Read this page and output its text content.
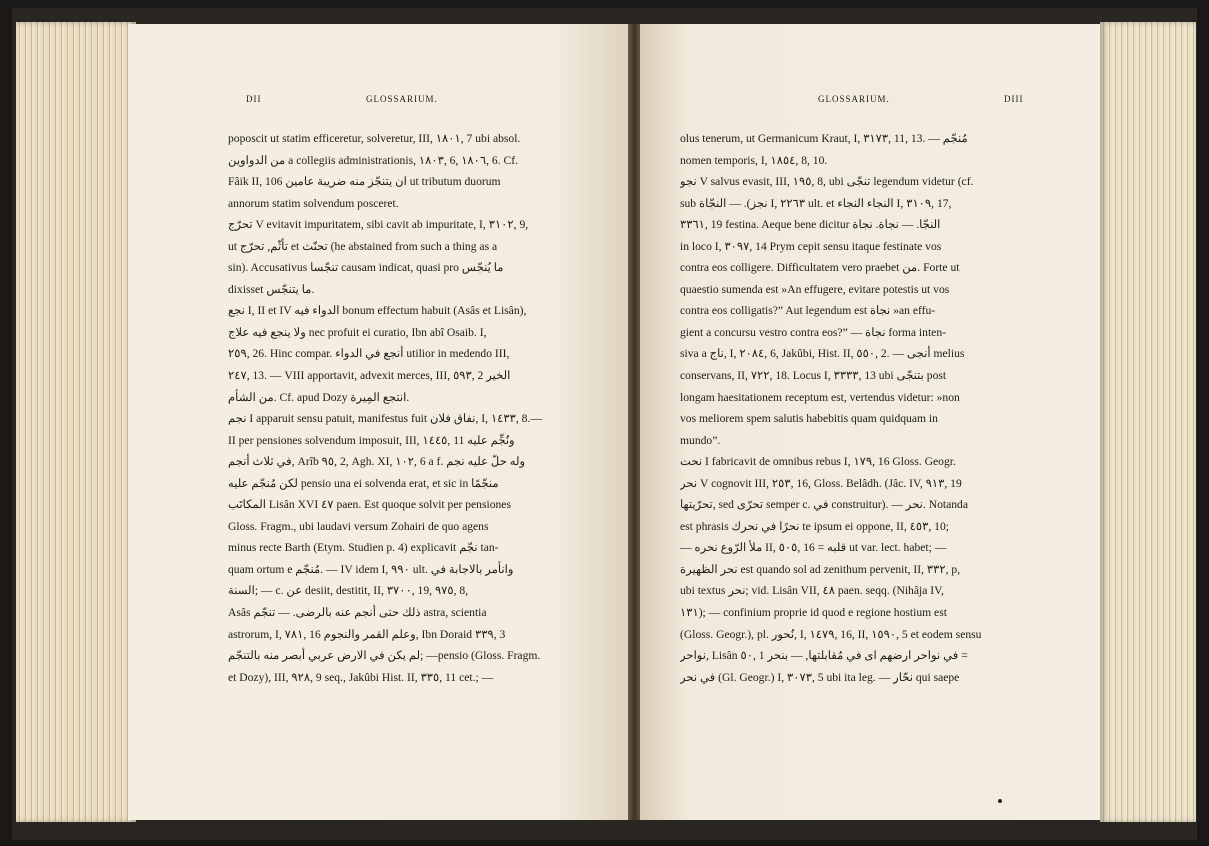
DII	GLOSSARIUM.
poposcit ut statim efficeretur, solveretur, III, ١٨٠١, 7 ubi absol.
من الدواوين a collegiis administrationis, ١٨٠٣, 6, ١٨٠٦, 6. Cf.
Fâik II, 106 ان يتنجّز منه ضريبة عامين ut tributum duorum
annorum statim solvendum posceret.
تحرّج V evitavit impuritatem, sibi cavit ab impuritate, I, ٣١٠٢, 9,
ut تأثّم, تحرّج et تحنّث (he abstained from such a thing as a
sin). Accusativus تنجّسا causam indicat, quasi pro ما يُنجّس
dixisset ما يتنجّس.
نجع I, II et IV الدواء فيه bonum effectum habuit (Asâs et Lisân),
ولا ينجع فيه علاج nec profuit ei curatio, Ibn abî Osaib. I,
٢٥٩, 26. Hinc compar. أنجع في الدواء utilior in medendo III,
٢٤٧, 13. — VIII apportavit, advexit merces, III, ٥٩٣, 2 الخير
من الشأم. Cf. apud Dozy انتجع المِيرة.
نجم I apparuit sensu patuit, manifestus fuit نفاق فلان, I, ١٤٣٣, 8.—
II per pensiones solvendum imposuit, III, ١٤٤٥, 11 ونُجِّم عليه
في ثلاث أنجم, Arîb ٩٥, 2, Agh. XI, ١٠٢, 6 a f. وله حلّ عليه نجم
لكن مُنجّم عليه pensio una ei solvenda erat, et sic in منجّمًا
المكاتَب Lisân XVI ٤٧ paen. Est quoque solvit per pensiones
Gloss. Fragm., ubi laudavi versum Zohairi de quo agens
minus recte Barth (Etym. Studien p. 4) explicavit نجّم tan-
quam ortum e مُنجّم. — IV idem I, ٩٩٠ ult. وانأمر بالاجابة في
السنة; — c. عن desiit, destitit, II, ٣٧٠٠, 19, ٩٧٥, 8,
Asâs ذلك حتى أنجم عنه بالرضى. — تنجّم astra, scientia
astrorum, I, ٧٨١, 16 وعلم القمر والنجوم, Ibn Doraid ٣٣٩, 3
لم يكن في الارض عربي أبصر منه بالتنجّم; —pensio (Gloss. Fragm.
et Dozy), III, ٩٢٨, 9 seq., Jakûbi Hist. II, ٣٣٥, 11 cet.; —
GLOSSARIUM.	DIII
olus tenerum, ut Germanicum Kraut, I, ٣١٧٣, 11, 13. — مُنجّم
nomen temporis, I, ١٨٥٤, 8, 10.
نجو V salvus evasit, III, ١٩٥, 8, ubi تنجّى legendum videtur (cf.
sub نجز). — النجّاة I, ٢٢٦٣ ult. et النجاء النجاء I, ٣١٠٩, 17,
٣٣٦١, 19 festina. Aeque bene dicitur النجّا. — نجاة. نجاة
in loco I, ٣٠٩٧, 14 Prym cepit sensu itaque festinate vos
contra eos colligere. Difficultatem vero praebet من. Forte ut
quaestio sumenda est »An effugere, evitare potestis ut vos
contra eos colligatis?” Aut legendum est نجاة »an effu-
gient a concursu vestro contra eos?” — نجاة forma inten-
siva a ناج, I, ٢٠٨٤, 6, Jakûbi, Hist. II, ٥٥٠, 2. — أنجى melius
conservans, II, ٧٢٢, 18. Locus I, ٣٣٣٣, 13 ubi بتنجّى post
longam haesitationem receptum est, vertendus videtur: »non
vos meliorem spem salutis habebitis quam quidquam in
mundo”.
نحت I fabricavit de omnibus rebus I, ١٧٩, 16 Gloss. Geogr.
نحر V cognovit III, ٢٥٣, 16, Gloss. Belâdh. (Jâc. IV, ٩١٣, 19
تحرّيتها, sed تحرّى semper c. في construitur). — نحر. Notanda
est phrasis نحرًا في نحرك te ipsum ei oppone, II, ٤٥٣, 10;
— ملأ الرّوع نحره II, ٥٠٥, 16 = قلبه ut var. lect. habet; —
نحر الظهيرة est quando sol ad zenithum pervenit, II, ٣٣٢, p,
ubi textus نحر; vid. Lisân VII, ٤٨ paen. seqq. (Nihâja IV,
١٣١); — confinium proprie id quod e regione hostium est
(Gloss. Geogr.), pl. نُحور, I, ١٤٧٩, 16, II, ١٥٩٠, 5 et eodem sensu
نواحر, Lisân ٥٠, 1 في نواحر ارضهم اى في مُقابلتها, — بنحر =
في نحر (Gl. Geogr.) I, ٣٠٧٣, 5 ubi ita leg. — نحّار qui saepe
